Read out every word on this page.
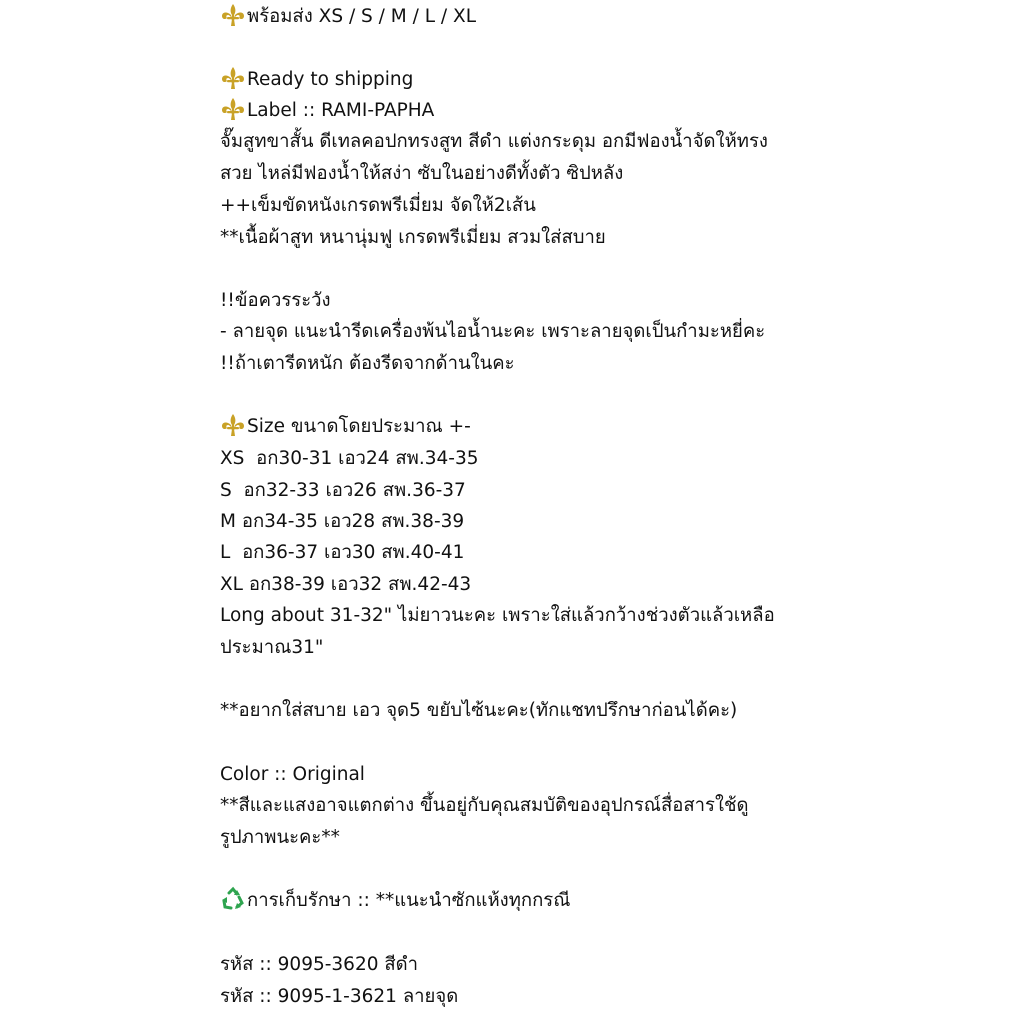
พร้อมส่ง XS / S / M / L / XL
Ready to shipping
Label :: RAMI-PAPHA
จั๊มสูทขาสั้น ดีเทลคอปกทรงสูท สีดำ แต่งกระดุม อกมีฟองน้ำจัดให้ทรง
สวย ไหล่มีฟองน้ำให้สง่า ซับในอย่างดีทั้งตัว ซิปหลัง
++เข็มขัดหนังเกรดพรีเมี่ยม จัดให้2เส้น
**เนื้อผ้าสูท หนานุ่มฟู เกรดพรีเมี่ยม สวมใส่สบาย
!!ข้อควรระวัง
- ลายจุด แนะนำรีดเครื่องพ้นไอน้ำนะคะ เพราะลายจุดเป็นกำมะหยี่คะ
!!ถ้าเตารีดหนัก ต้องรีดจากด้านในคะ
Size ขนาดโดยประมาณ +-
XS  อก30-31 เอว24 สพ.34-35
S  อก32-33 เอว26 สพ.36-37
M อก34-35 เอว28 สพ.38-39
L  อก36-37 เอว30 สพ.40-41
XL อก38-39 เอว32 สพ.42-43
Long about 31-32" ไม่ยาวนะคะ เพราะใส่แล้วกว้างช่วงตัวแล้วเหลือ
ประมาณ31"
**อยากใส่สบาย เอว จุด5 ขยับไซ้นะคะ(ทักแชทปรึกษาก่อนได้คะ)
Color :: Original
**สีและแสงอาจแตกต่าง ขึ้นอยู่กับคุณสมบัติของอุปกรณ์สื่อสารใช้ดู
รูปภาพนะคะ**
การเก็บรักษา :: **แนะนำซักแห้งทุกกรณี
รหัส :: 9095-3620 สีดำ
รหัส :: 9095-1-3621 ลายจุด
